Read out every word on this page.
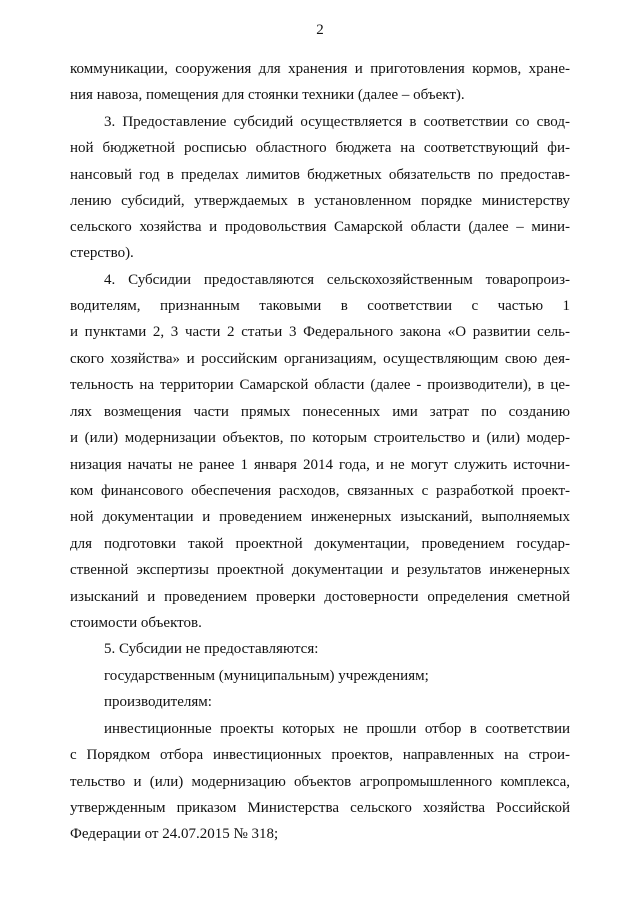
2
коммуникации, сооружения для хранения и приготовления кормов, хране-
ния навоза, помещения для стоянки техники (далее – объект).
3. Предоставление субсидий осуществляется в соответствии со свод-
ной бюджетной росписью областного бюджета на соответствующий фи-
нансовый год в пределах лимитов бюджетных обязательств по предостав-
лению субсидий, утверждаемых в установленном порядке министерству
сельского хозяйства и продовольствия Самарской области (далее – мини-
стерство).
4. Субсидии предоставляются сельскохозяйственным товаропроиз-
водителям, признанным таковыми в соответствии с частью 1
и пунктами 2, 3 части 2 статьи 3 Федерального закона «О развитии сель-
ского хозяйства» и российским организациям, осуществляющим свою дея-
тельность на территории Самарской области (далее - производители), в це-
лях возмещения части прямых понесенных ими затрат по созданию
и (или) модернизации объектов, по которым строительство и (или) модер-
низация начаты не ранее 1 января 2014 года, и не могут служить источни-
ком финансового обеспечения расходов, связанных с разработкой проект-
ной документации и проведением инженерных изысканий, выполняемых
для подготовки такой проектной документации, проведением государ-
ственной экспертизы проектной документации и результатов инженерных
изысканий и проведением проверки достоверности определения сметной
стоимости объектов.
5. Субсидии не предоставляются:
государственным (муниципальным) учреждениям;
производителям:
инвестиционные проекты которых не прошли отбор в соответствии
с Порядком отбора инвестиционных проектов, направленных на строи-
тельство и (или) модернизацию объектов агропромышленного комплекса,
утвержденным приказом Министерства сельского хозяйства Российской
Федерации от 24.07.2015 № 318;
